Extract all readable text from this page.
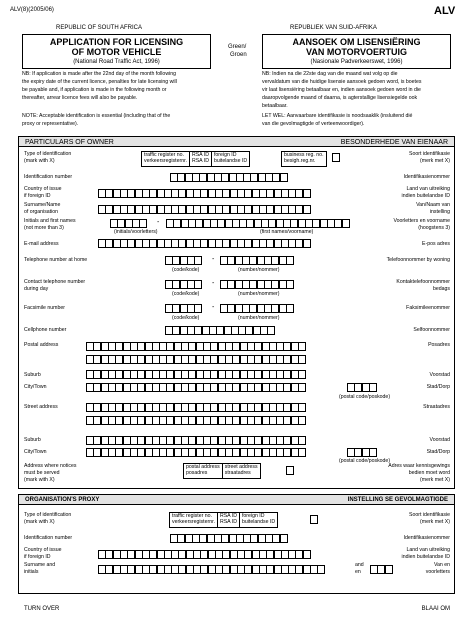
ALV(8)(2005/06)	ALV
REPUBLIC OF SOUTH AFRICA	REPUBLIEK VAN SUID-AFRIKA
APPLICATION FOR LICENSING
OF MOTOR VEHICLE
(National Road Traffic Act, 1996)
Green/
Groen
AANSOEK OM LISENSIËRING
VAN MOTORVOERTUIG
(Nasionale Padverkeerswet, 1996)
NB: If application is made after the 22nd day of the month following
the expiry date of the current licence, penalties for late licensing will
be payable and, if application is made in the following month or
thereafter, arrear licence fees will also be payable.
NB: Indien na die 22ste dag van die maand wat volg op die
vervaldatum van die huidige lisensie aansoek gedoen word, is boetes
vir laat lisensiëring betaalbaar en, indien aansoek gedoen word in die
daaropvolgende maand of daarna, is agterstallige lisensiegelde ook
betaalbaar.
NOTE: Acceptable identification is essential (including that of the
proxy or representative).
LET WEL: Aanvaarbare identifikasie is noodsaaklik (insluitend dié
van die gevolmagtigde of verteenwoordiger).
PARTICULARS OF OWNER	BESONDERHEDE VAN EIENAAR
Type of identification
(mark with X)
Soort identifikasie
(merk met X)
traffic register no.
verkeersregisternr.
RSA ID
RSA ID
foreign ID
buitelandse ID
business reg. no.
besigh.reg.nr.
Identification number	Identifikasienommer
Country of issue
if foreign ID
Land van uitreiking
indien buitelandse ID
Surname/Name
of organisation
Van/Naam van
instelling
Initials and first names
(not more than 3)
Voorletters en voorname
(hoogstens 3)
-
(initials/voorletters)	(first names/voorname)
E-mail address	E-pos adres
Telephone number at home	Telefoonnommer by woning
-
(code/kode)	(number/nommer)
Contact telephone number
during day
Kontaktelefoonnommer
bedags
-
(code/kode)	(number/nommer)
Facsimile number	Faksimileenommer
-
(code/kode)	(number/nommer)
Cellphone number	Selfoonnommer
Postal address	Posadres
Suburb	Voorstad
City/Town	Stad/Dorp
(postal code/poskode)
Street address	Straatadres
Suburb	Voorstad
City/Town	Stad/Dorp
(postal code/poskode)
Address where notices
must be served
(mark with X)
Adres waar kennisgewings
bedien moet word
(merk met X)
postal address
posadres
street address
straatadres
ORGANISATION'S PROXY	INSTELLING SE GEVOLMAGTIGDE
Type of identification
(mark with X)
Soort identifikasie
(merk met X)
traffic register no.
verkeersregisternr.
RSA ID
RSA ID
foreign ID
buitelandse ID
Identification number	Identifikasienommer
Country of issue
if foreign ID
Land van uitreiking
indien buitelandse ID
Surname and
initials
Van en
voorletters
and
en
TURN OVER	BLAAI OM
